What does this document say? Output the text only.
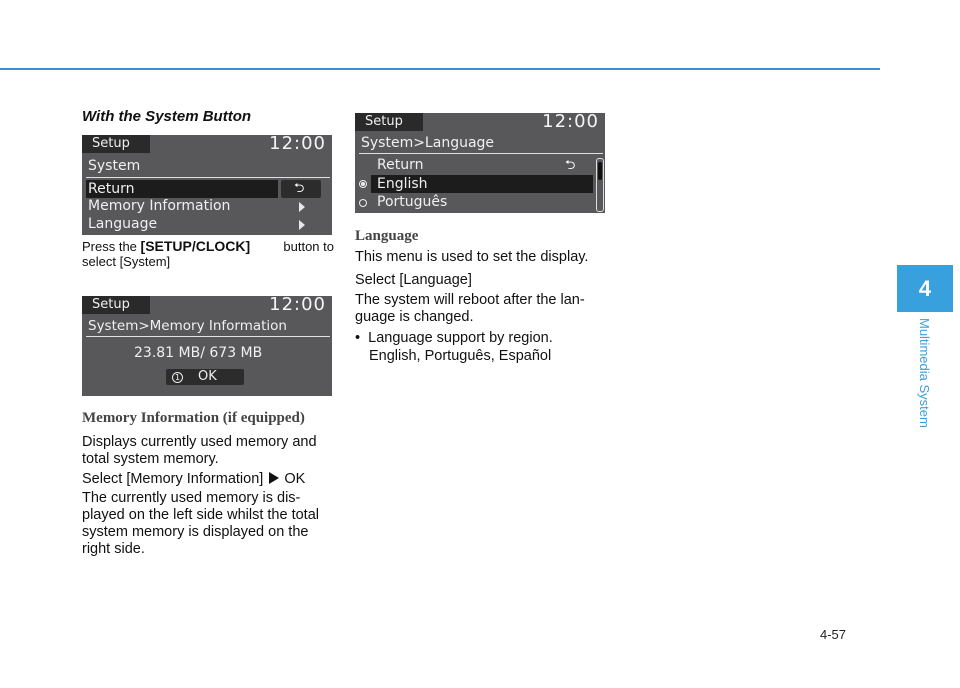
4
Multimedia System
With the System Button
Setup	12:00
System
Return	⮌
Memory Information
Language
Press the [SETUP/CLOCK]	button to
select [System]
Setup	12:00
System>Memory Information
23.81 MB/ 673 MB
1 OK
Memory Information (if equipped)
Displays currently used memory and
total system memory.
Select [Memory Information] OK
The currently used memory is dis-
played on the left side whilst the total
system memory is displayed on the
right side.
Setup	12:00
System>Language
Return	⮌
English
Português
Language
This menu is used to set the display.
Select [Language]
The system will reboot after the lan-
guage is changed.
• Language support by region.
English, Português, Español
4-57
